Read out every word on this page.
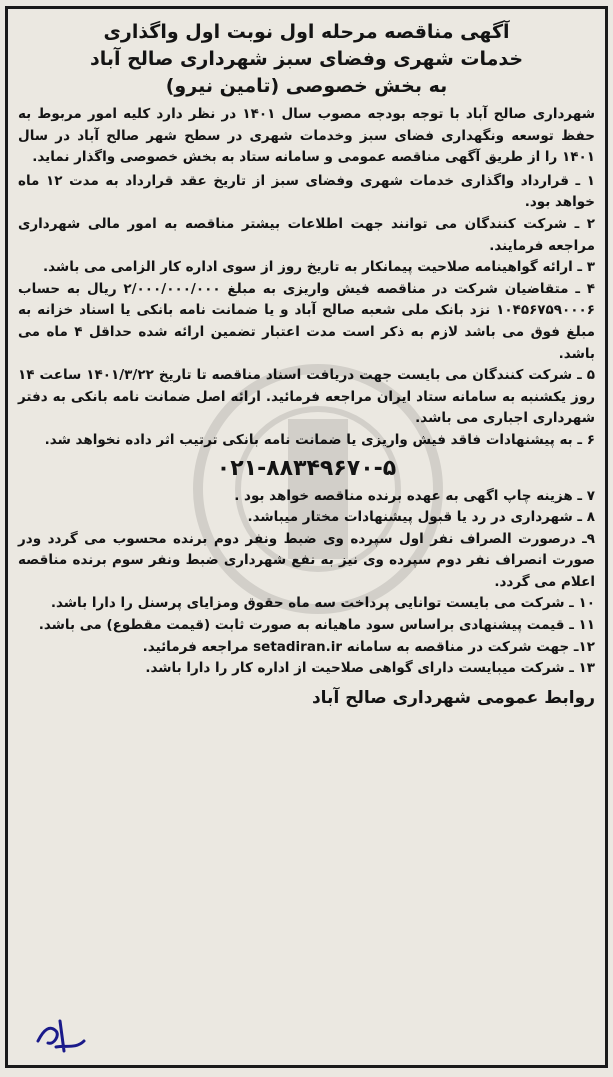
آگهی مناقصه مرحله اول نوبت اول واگذاری
خدمات شهری وفضای سبز شهرداری صالح آباد
به بخش خصوصی (تامین نیرو)

شهرداری صالح آباد با توجه بودجه مصوب سال ۱۴۰۱ در نظر دارد کلیه امور مربوط به حفظ توسعه ونگهداری فضای سبز وخدمات شهری در سطح شهر صالح آباد در سال ۱۴۰۱ را از طریق آگهی مناقصه عمومی و سامانه ستاد به بخش خصوصی واگذار نماید.

۱ ـ قرارداد واگذاری خدمات شهری وفضای سبز از تاریخ عقد قرارداد به مدت ۱۲ ماه خواهد بود.

۲ ـ شرکت کنندگان می توانند جهت اطلاعات بیشتر مناقصه به امور مالی شهرداری مراجعه فرمایند.

۳ ـ ارائه گواهینامه صلاحیت پیمانکار به تاریخ روز از سوی اداره کار الزامی می باشد.

۴ ـ متقاضیان شرکت در مناقصه فیش واریزی به مبلغ ۲/۰۰۰/۰۰۰/۰۰۰ ریال به حساب ۱۰۴۵۶۷۵۹۰۰۰۶ نزد بانک ملی شعبه صالح آباد و یا ضمانت نامه بانکی یا اسناد خزانه به مبلغ فوق می باشد لازم به ذکر است مدت اعتبار تضمین ارائه شده حداقل ۴ ماه می باشد.

۵ ـ شرکت کنندگان می بایست جهت دریافت اسناد مناقصه تا تاریخ ۱۴۰۱/۳/۲۲ ساعت ۱۴ روز یکشنبه به سامانه ستاد ایران مراجعه فرمائید. ارائه اصل ضمانت نامه بانکی به دفتر شهرداری اجباری می باشد.

۶ ـ به پیشنهادات فاقد فیش واریزی یا ضمانت نامه بانکی ترتیب اثر داده نخواهد شد.

۰۲۱-۸۸۳۴۹۶۷۰-۵

۷ ـ هزینه چاپ اگهی به عهده برنده مناقصه خواهد بود .

۸ ـ شهرداری در رد یا قبول پیشنهادات مختار میباشد.

۹ـ درصورت الصراف نفر اول سپرده وی ضبط ونفر دوم برنده محسوب می گردد ودر صورت انصراف نفر دوم سپرده وی نیز به نفع شهرداری ضبط ونفر سوم برنده مناقصه اعلام می گردد.

۱۰ ـ شرکت می بایست توانایی پرداخت سه ماه حقوق ومزایای پرسنل را دارا باشد.

۱۱ ـ قیمت پیشنهادی براساس سود ماهیانه به صورت ثابت (قیمت مقطوع) می باشد.

۱۲ـ جهت شرکت در مناقصه به سامانه setadiran.ir مراجعه فرمائید.

۱۳ ـ شرکت میبایست دارای گواهی صلاحیت از اداره کار را دارا باشد.

روابط عمومی شهرداری صالح آباد
